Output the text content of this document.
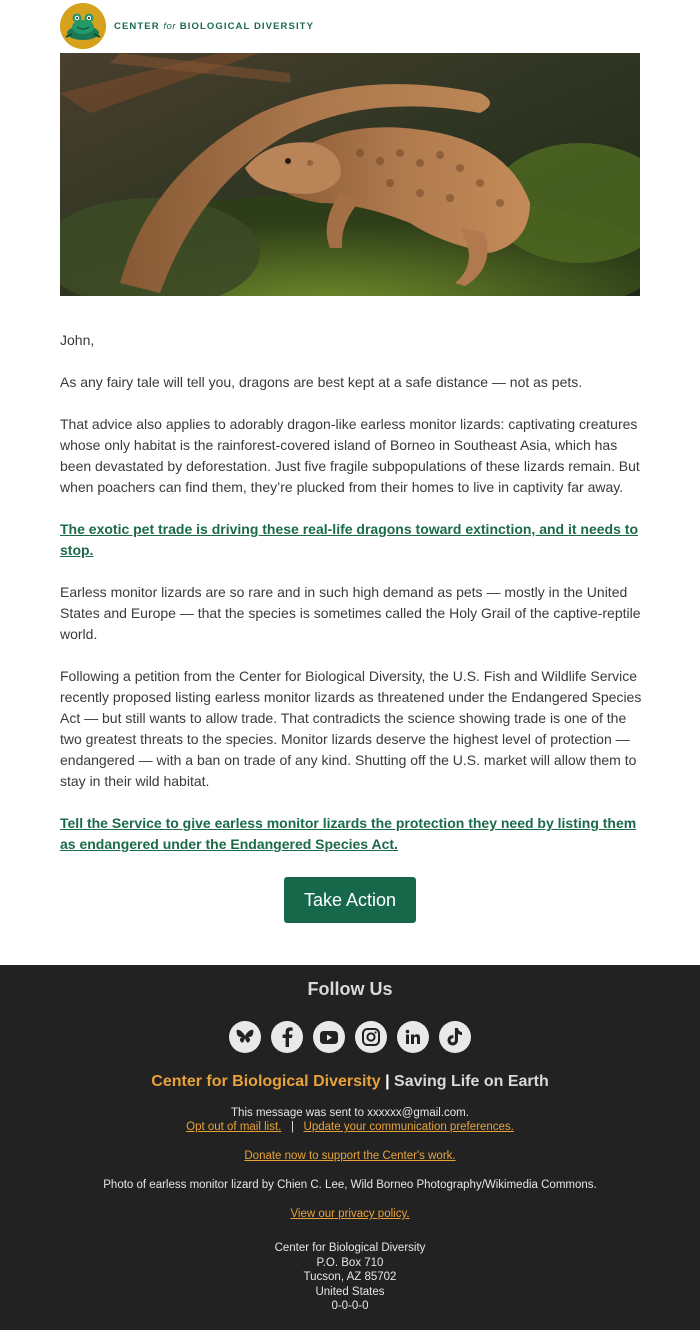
CENTER for BIOLOGICAL DIVERSITY

John,

As any fairy tale will tell you, dragons are best kept at a safe distance — not as pets.

That advice also applies to adorably dragon-like earless monitor lizards: captivating creatures whose only habitat is the rainforest-covered island of Borneo in Southeast Asia, which has been devastated by deforestation. Just five fragile subpopulations of these lizards remain. But when poachers can find them, they’re plucked from their homes to live in captivity far away.

The exotic pet trade is driving these real-life dragons toward extinction, and it needs to stop.

Earless monitor lizards are so rare and in such high demand as pets — mostly in the United States and Europe — that the species is sometimes called the Holy Grail of the captive-reptile world.

Following a petition from the Center for Biological Diversity, the U.S. Fish and Wildlife Service recently proposed listing earless monitor lizards as threatened under the Endangered Species Act — but still wants to allow trade. That contradicts the science showing trade is one of the two greatest threats to the species. Monitor lizards deserve the highest level of protection — endangered — with a ban on trade of any kind. Shutting off the U.S. market will allow them to stay in their wild habitat.

Tell the Service to give earless monitor lizards the protection they need by listing them as endangered under the Endangered Species Act.

Take Action
Follow Us
Center for Biological Diversity | Saving Life on Earth
This message was sent to xxxxxx@gmail.com.
Opt out of mail list. | Update your communication preferences.
Donate now to support the Center's work.
Photo of earless monitor lizard by Chien C. Lee, Wild Borneo Photography/Wikimedia Commons.
View our privacy policy.
Center for Biological Diversity
P.O. Box 710
Tucson, AZ 85702
United States
0-0-0-0
